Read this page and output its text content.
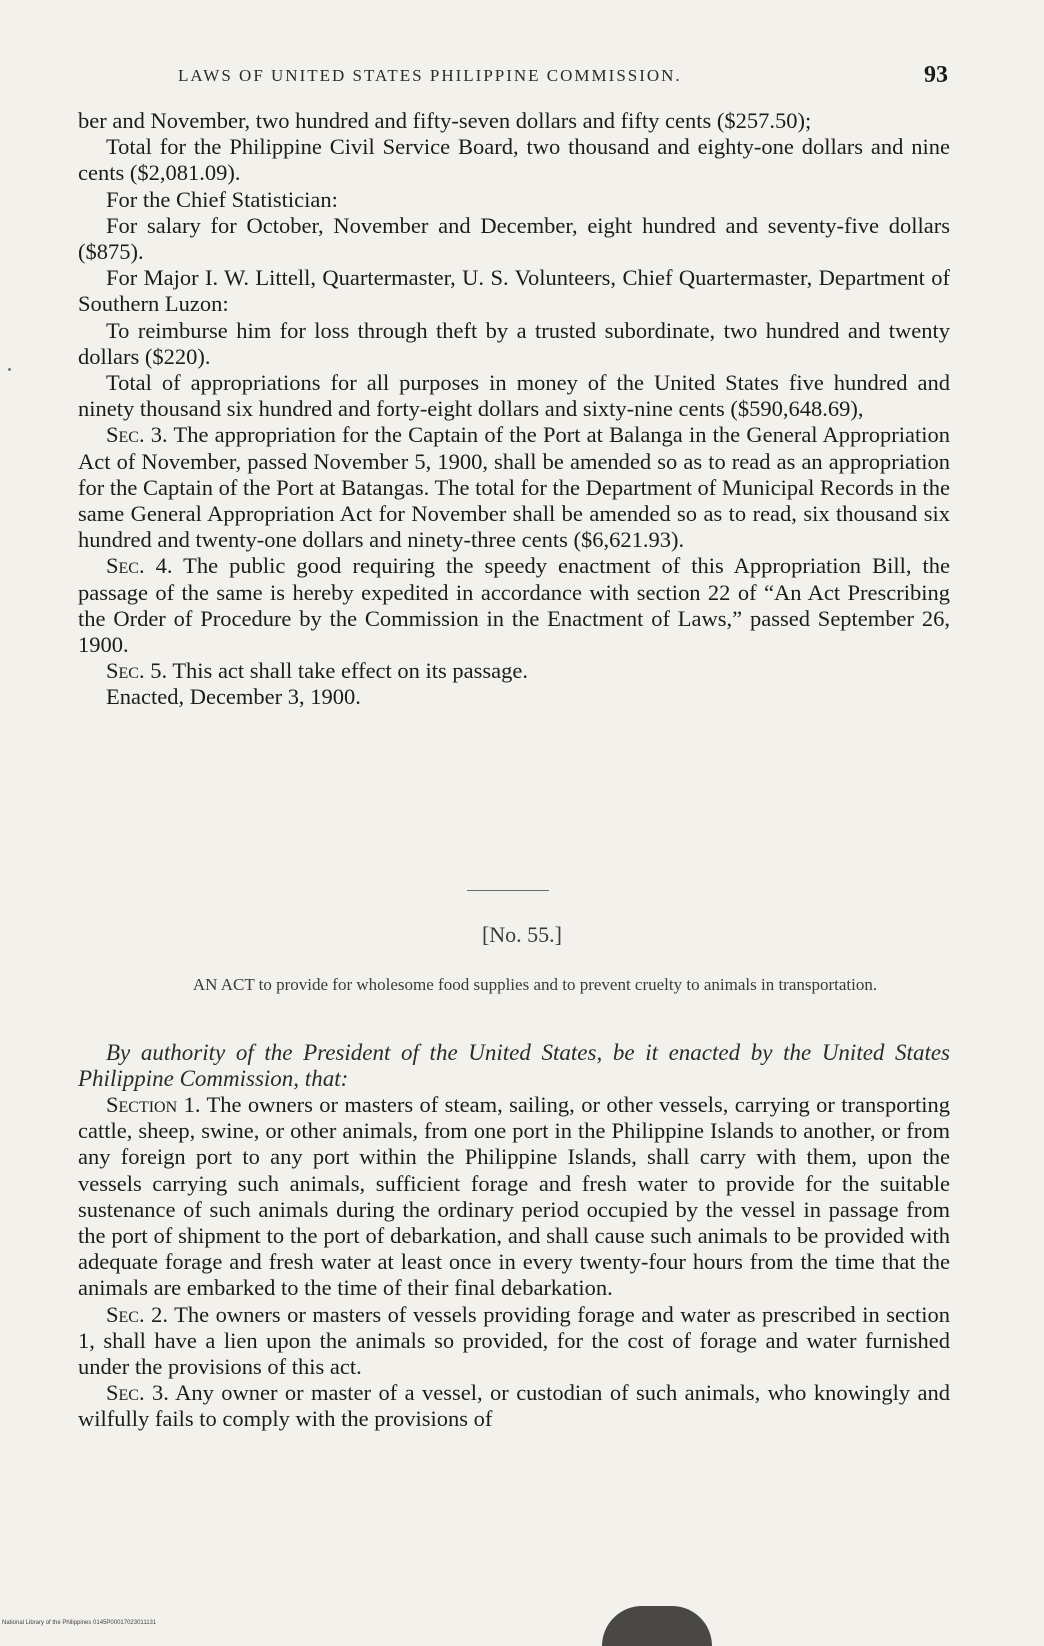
LAWS OF UNITED STATES PHILIPPINE COMMISSION.	93

ber and November, two hundred and fifty-seven dollars and fifty cents ($257.50);

Total for the Philippine Civil Service Board, two thousand and eighty-one dollars and nine cents ($2,081.09).

For the Chief Statistician:

For salary for October, November and December, eight hundred and seventy-five dollars ($875).

For Major I. W. Littell, Quartermaster, U. S. Volunteers, Chief Quartermaster, Department of Southern Luzon:

To reimburse him for loss through theft by a trusted subordinate, two hundred and twenty dollars ($220).

Total of appropriations for all purposes in money of the United States five hundred and ninety thousand six hundred and forty-eight dollars and sixty-nine cents ($590,648.69),

Sec. 3. The appropriation for the Captain of the Port at Balanga in the General Appropriation Act of November, passed November 5, 1900, shall be amended so as to read as an appropriation for the Captain of the Port at Batangas. The total for the Department of Municipal Records in the same General Appropriation Act for November shall be amended so as to read, six thousand six hundred and twenty-one dollars and ninety-three cents ($6,621.93).

Sec. 4. The public good requiring the speedy enactment of this Appropriation Bill, the passage of the same is hereby expedited in accordance with section 22 of “An Act Prescribing the Order of Procedure by the Commission in the Enactment of Laws,” passed September 26, 1900.

Sec. 5. This act shall take effect on its passage.

Enacted, December 3, 1900.

[No. 55.]
AN ACT to provide for wholesome food supplies and to prevent cruelty to animals in transportation.
By authority of the President of the United States, be it enacted by the United States Philippine Commission, that:

Section 1. The owners or masters of steam, sailing, or other vessels, carrying or transporting cattle, sheep, swine, or other animals, from one port in the Philippine Islands to another, or from any foreign port to any port within the Philippine Islands, shall carry with them, upon the vessels carrying such animals, sufficient forage and fresh water to provide for the suitable sustenance of such animals during the ordinary period occupied by the vessel in passage from the port of shipment to the port of debarkation, and shall cause such animals to be provided with adequate forage and fresh water at least once in every twenty-four hours from the time that the animals are embarked to the time of their final debarkation.

Sec. 2. The owners or masters of vessels providing forage and water as prescribed in section 1, shall have a lien upon the animals so provided, for the cost of forage and water furnished under the provisions of this act.

Sec. 3. Any owner or master of a vessel, or custodian of such animals, who knowingly and wilfully fails to comply with the provisions of

National Library of the Philippines 0145P00017023011131
